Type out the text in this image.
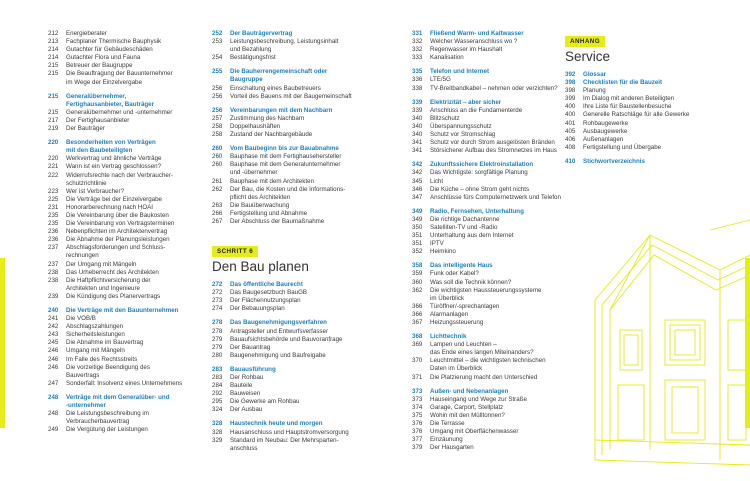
212	Energieberater
213	Fachplaner Thermische Bauphysik
214	Gutachter für Gebäudeschäden
214	Gutachter Flora und Fauna
215	Betreuer der Baugruppe
215	Die Beauftragung der Bauunternehmer
im Wege der Einzelvergabe
215	Generalübernehmer,
Fertighausanbieter, Bauträger
215	Generalübernehmer und -unternehmer
217	Der Fertighausanbieter
219	Der Bauträger
220	Besonderheiten von Verträgen
mit den Baubeteiligten
220	Werkvertrag und ähnliche Verträge
221	Wann ist ein Vertrag geschlossen?
222	Widerrufsrechte nach der Verbraucher-
schutzrichtlinie
223	Wer ist Verbraucher?
225	Die Verträge bei der Einzelvergabe
231	Honorarberechnung nach HOAI
235	Die Vereinbarung über die Baukosten
235	Die Vereinbarung von Vertragsterminen
236	Nebenpflichten im Architektenvertrag
236	Die Abnahme der Planungsleistungen
237	Abschlagsforderungen und Schluss-
rechnungen
237	Der Umgang mit Mängeln
238	Das Urheberrecht des Architekten
238	Die Haftpflichtversicherung der
Architekten und Ingenieure
239	Die Kündigung des Planervertrags
240	Die Verträge mit den Bauunternehmen
241	Die VOB/B
242	Abschlagszahlungen
243	Sicherheitsleistungen
245	Die Abnahme im Bauvertrag
246	Umgang mit Mängeln
246	Im Falle des Rechtsstreits
246	Die vorzeitige Beendigung des
Bauvertrags
247	Sonderfall: Insolvenz eines Unternehmens
248	Verträge mit dem Generalüber- und
-unternehmer
248	Die Leistungsbeschreibung im
Verbraucherbauvertrag
249	Die Vergütung der Leistungen
252	Der Bauträgervertrag
253	Leistungsbeschreibung, Leistungsinhalt
und Bezahlung
254	Bestätigungsfrist
255	Die Bauherrengemeinschaft oder
Baugruppe
256	Einschaltung eines Baubetreuers
256	Vorteil des Bauens mit der Baugemeinschaft
256	Vereinbarungen mit dem Nachbarn
257	Zustimmung des Nachbarn
258	Doppelhaushäften
258	Zustand der Nachbargebäude
260	Vom Baubeginn bis zur Bauabnahme
260	Bauphase mit dem Fertighausehersteller
260	Bauphase mit dem Generalunternehmer
und -übernehmer
261	Bauphase mit dem Architekten
262	Der Bau, die Kosten und die Informations-
pflicht des Architekten
263	Die Bauüberwachung
266	Fertigstellung und Abnahme
267	Der Abschluss der Baumaßnahme
SCHRITT 6
Den Bau planen
272	Das öffentliche Baurecht
272	Das Baugesetzbuch BauGB
273	Der Flächennutzungsplan
274	Der Bebauungsplan
278	Das Baugenehmigungsverfahren
278	Antragsteller und Entwurfsverfasser
279	Bauaufsichtsbehörde und Bauvoranfrage
279	Der Bauantrag
280	Baugenehmigung und Baufreigabe
283	Bauausführung
283	Der Rohbau
284	Bauteile
292	Bauweisen
295	Die Gewerke am Rohbau
324	Der Ausbau
328	Haustechnik heute und morgen
328	Hausanschluss und Hauptstromversorgung
329	Standard im Neubau: Der Mehrsparten-
anschluss
331	Fließend Warm- und Kaltwasser
332	Welcher Wasseranschluss wo ?
332	Regenwasser im Haushalt
333	Kanalisation
335	Telefon und Internet
336	LTE/5G
338	TV-Breitbandkabel – nehmen oder verzichten?
339	Elektrizität – aber sicher
339	Anschluss an die Fundamenterde
340	Blitzschutz
340	Überspannungsschutz
340	Schutz vor Stromschlag
341	Schutz vor durch Strom ausgelösten Bränden
341	Störsicherer Aufbau des Stromnetzes im Haus
342	Zukunftssichere Elektroinstallation
342	Das Wichtigste: sorgfältige Planung
345	Licht
346	Die Küche – ohne Strom geht nichts
347	Anschlüsse fürs Computernetzwerk und Telefon
349	Radio, Fernsehen, Unterhaltung
349	Die richtige Dachantenne
350	Satelliten-TV und -Radio
351	Unterhaltung aus dem Internet
351	IPTV
352	Heimkino
358	Das intelligente Haus
359	Funk oder Kabel?
360	Was soll die Technik können?
362	Die wichtigsten Haussteuerungssysteme
im Überblick
366	Türöffner/-sprechanlagen
366	Alarmanlagen
367	Heizungssteuerung
368	Lichttechnik
369	Lampen und Leuchten –
das Ende eines langen Miteinanders?
370	Leuchtmittel – die wichtigsten technischen
Daten im Überblick
371	Die Platzierung macht den Unterschied
373	Außen- und Nebenanlagen
373	Hauseingang und Wege zur Straße
374	Garage, Carport, Stellplatz
375	Wohin mit den Mülltonnen?
376	Die Terrasse
376	Umgang mit Oberflächenwasser
377	Einzäunung
379	Der Hausgarten
ANHANG
Service
392	Glossar
398	Checklisten für die Bauzeit
398	Planung
399	Im Dialog mit anderen Beteiligten
400	Ihre Liste für Baustellenbesuche
400	Generelle Ratschläge für alle Gewerke
401	Rohbaugewerke
405	Ausbaugewerke
406	Außenanlagen
408	Fertigstellung und Übergabe
410	Stichwortverzeichnis
